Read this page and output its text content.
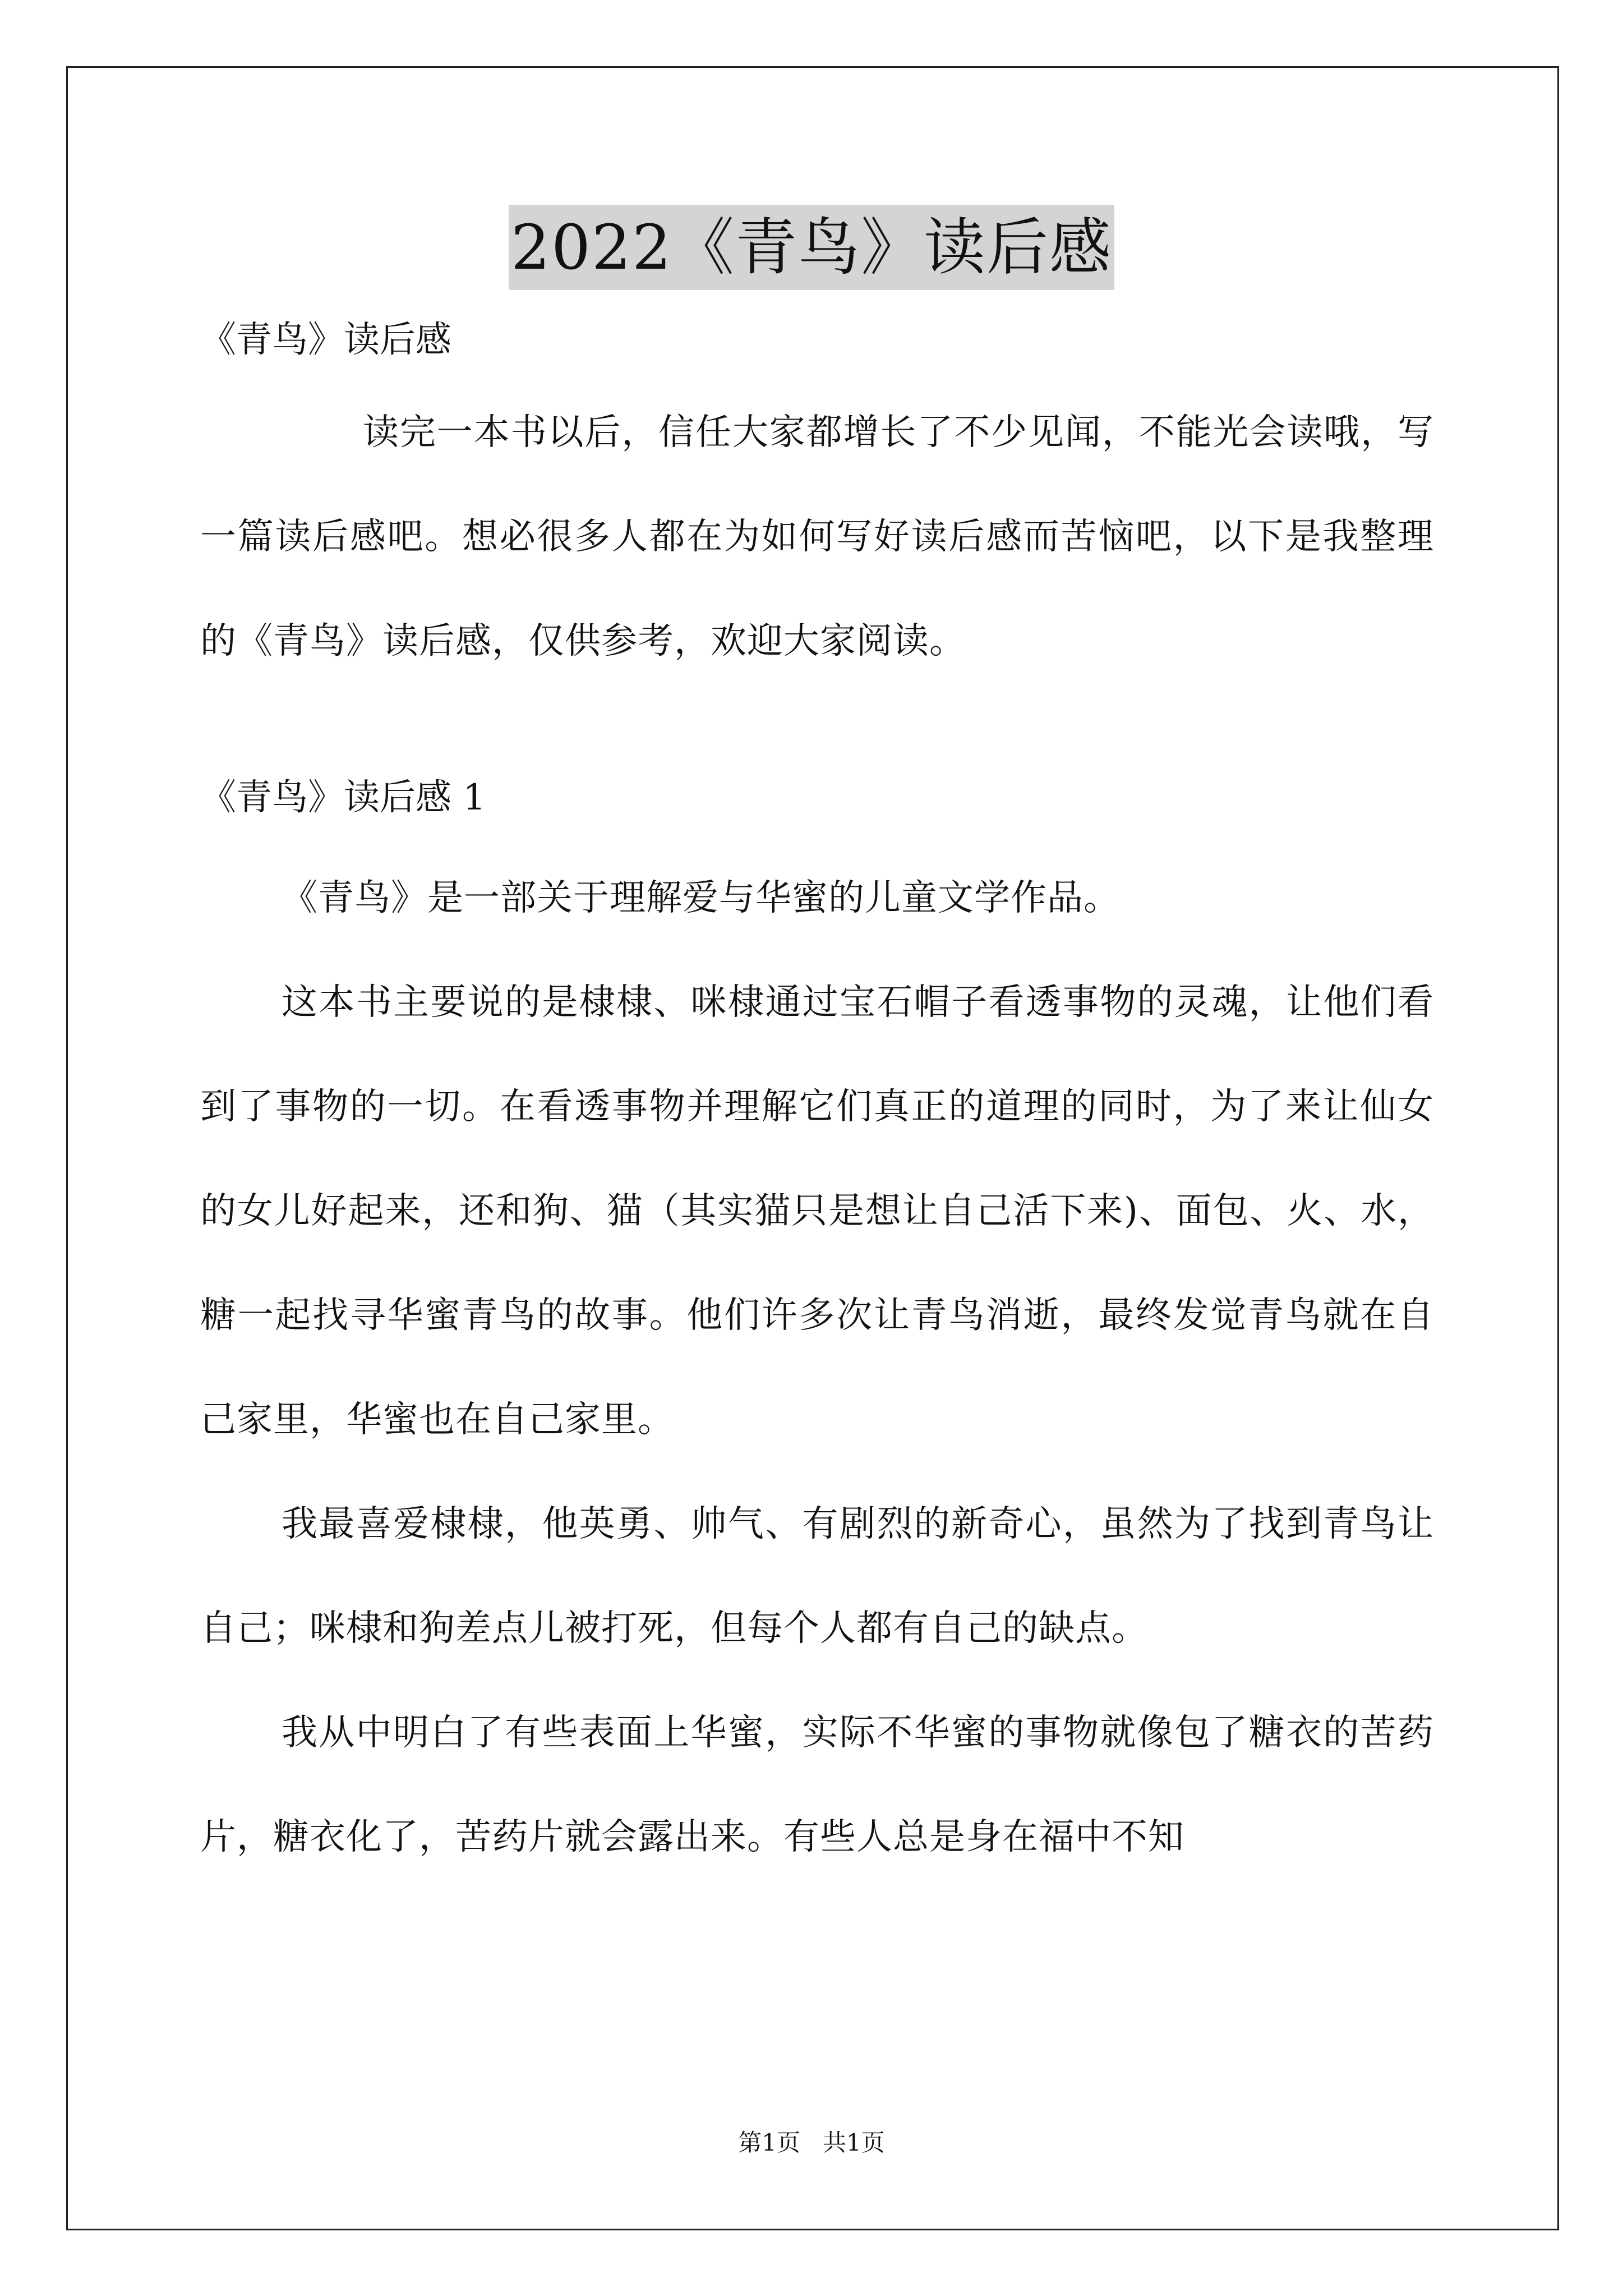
2022《青鸟》读后感

《青鸟》读后感

读完一本书以后，信任大家都增长了不少见闻，不能光会读哦，写一篇读后感吧。想必很多人都在为如何写好读后感而苦恼吧，以下是我整理的《青鸟》读后感，仅供参考，欢迎大家阅读。

《青鸟》读后感 1

《青鸟》是一部关于理解爱与华蜜的儿童文学作品。

这本书主要说的是棣棣、咪棣通过宝石帽子看透事物的灵魂，让他们看到了事物的一切。在看透事物并理解它们真正的道理的同时，为了来让仙女的女儿好起来，还和狗、猫（其实猫只是想让自己活下来)、面包、火、水，糖一起找寻华蜜青鸟的故事。他们许多次让青鸟消逝，最终发觉青鸟就在自己家里，华蜜也在自己家里。

我最喜爱棣棣，他英勇、帅气、有剧烈的新奇心，虽然为了找到青鸟让自己；咪棣和狗差点儿被打死，但每个人都有自己的缺点。

我从中明白了有些表面上华蜜，实际不华蜜的事物就像包了糖衣的苦药片，糖衣化了，苦药片就会露出来。有些人总是身在福中不知

第1页 共1页
